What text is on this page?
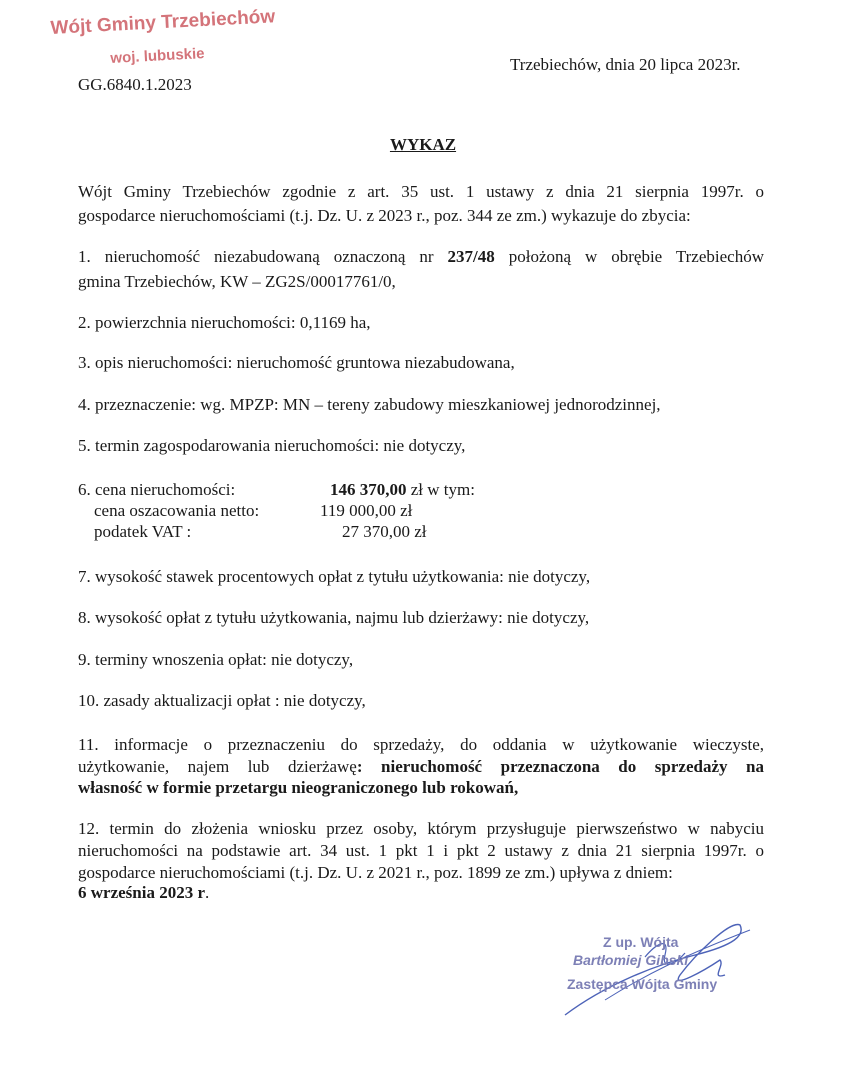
Wójt Gminy Trzebiechów
woj. lubuskie
GG.6840.1.2023
Trzebiechów, dnia 20 lipca 2023r.
WYKAZ
Wójt Gminy Trzebiechów zgodnie z art. 35 ust. 1 ustawy z dnia 21 sierpnia 1997r. o
gospodarce nieruchomościami (t.j. Dz. U. z 2023 r., poz. 344 ze zm.) wykazuje do zbycia:
1. nieruchomość niezabudowaną oznaczoną nr 237/48 położoną w obrębie Trzebiechów
gmina Trzebiechów, KW – ZG2S/00017761/0,
2. powierzchnia nieruchomości: 0,1169 ha,
3. opis nieruchomości: nieruchomość gruntowa niezabudowana,
4. przeznaczenie: wg. MPZP: MN – tereny zabudowy mieszkaniowej jednorodzinnej,
5. termin zagospodarowania nieruchomości: nie dotyczy,
6. cena nieruchomości:	146 370,00 zł w tym:
cena oszacowania netto:	119 000,00 zł
podatek VAT :	27 370,00 zł
7. wysokość stawek procentowych opłat z tytułu użytkowania: nie dotyczy,
8. wysokość opłat z tytułu użytkowania, najmu lub dzierżawy: nie dotyczy,
9. terminy wnoszenia opłat: nie dotyczy,
10. zasady aktualizacji opłat : nie dotyczy,
11. informacje o przeznaczeniu do sprzedaży, do oddania w użytkowanie wieczyste,
użytkowanie, najem lub dzierżawę: nieruchomość przeznaczona do sprzedaży na
własność w formie przetargu nieograniczonego lub rokowań,
12. termin do złożenia wniosku przez osoby, którym przysługuje pierwszeństwo w nabyciu
nieruchomości na podstawie art. 34 ust. 1 pkt 1 i pkt 2 ustawy z dnia 21 sierpnia 1997r. o
gospodarce nieruchomościami (t.j. Dz. U. z 2021 r., poz. 1899 ze zm.) upływa z dniem:
6 września 2023 r.
Z up. Wójta
Bartłomiej Gibski
Zastępca Wójta Gminy
